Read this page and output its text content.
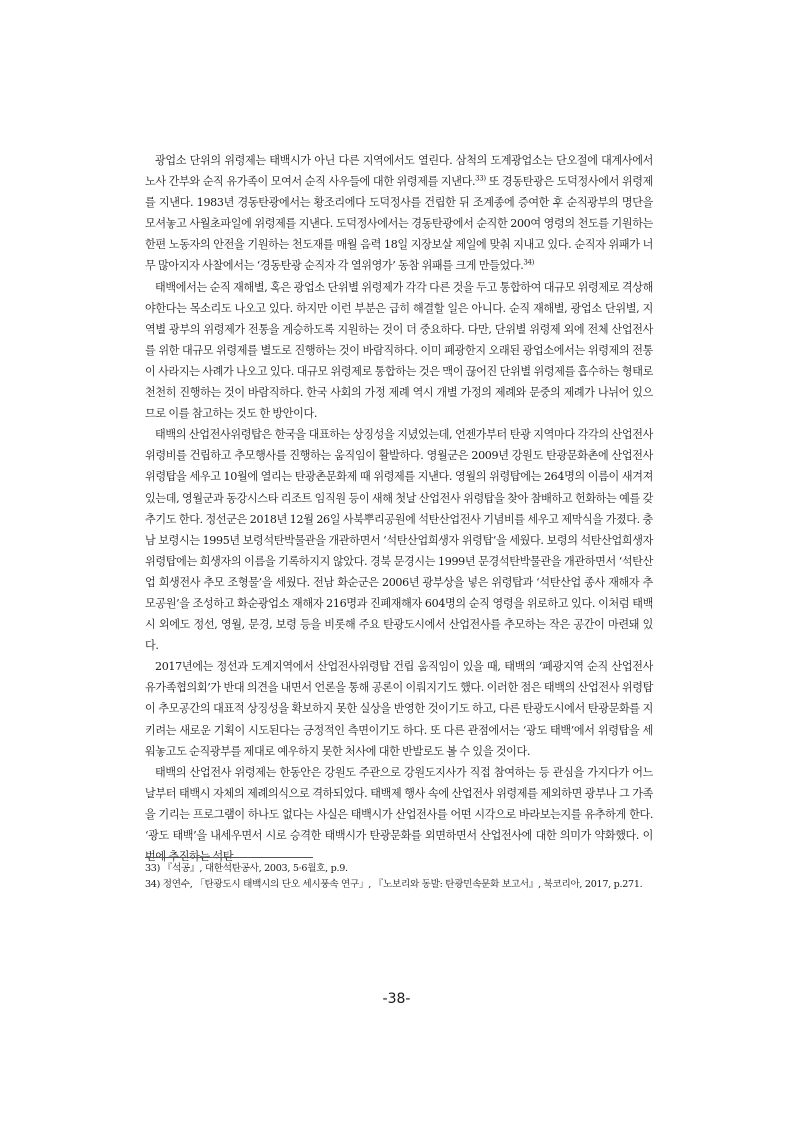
광업소 단위의 위령제는 태백시가 아닌 다른 지역에서도 열린다. 삼척의 도계광업소는 단오절에 대계사에서 노사 간부와 순직 유가족이 모여서 순직 사우들에 대한 위령제를 지낸다.$^{33)}$ 또 경동탄광은 도덕정사에서 위령제를 지낸다. 1983년 경동탄광에서는 황조리에다 도덕정사를 건립한 뒤 조계종에 증여한 후 순직광부의 명단을 모셔놓고 사월초파일에 위령제를 지낸다. 도덕정사에서는 경동탄광에서 순직한 200여 영령의 천도를 기원하는 한편 노동자의 안전을 기원하는 천도재를 매월 음력 18일 지장보살 제일에 맞춰 지내고 있다. 순직자 위패가 너무 많아지자 사찰에서는 ‘경동탄광 순직자 각 열위영가’ 동참 위패를 크게 만들었다.$^{34)}$

태백에서는 순직 재해별, 혹은 광업소 단위별 위령제가 각각 다른 것을 두고 통합하여 대규모 위령제로 격상해야한다는 목소리도 나오고 있다. 하지만 이런 부분은 급히 해결할 일은 아니다. 순직 재해별, 광업소 단위별, 지역별 광부의 위령제가 전통을 계승하도록 지원하는 것이 더 중요하다. 다만, 단위별 위령제 외에 전체 산업전사를 위한 대규모 위령제를 별도로 진행하는 것이 바람직하다. 이미 폐광한지 오래된 광업소에서는 위령제의 전통이 사라지는 사례가 나오고 있다. 대규모 위령제로 통합하는 것은 맥이 끊어진 단위별 위령제를 흡수하는 형태로 천천히 진행하는 것이 바람직하다. 한국 사회의 가정 제례 역시 개별 가정의 제례와 문중의 제례가 나뉘어 있으므로 이를 참고하는 것도 한 방안이다.

태백의 산업전사위령탑은 한국을 대표하는 상징성을 지녔었는데, 언젠가부터 탄광 지역마다 각각의 산업전사 위령비를 건립하고 추모행사를 진행하는 움직임이 활발하다. 영월군은 2009년 강원도 탄광문화촌에 산업전사 위령탑을 세우고 10월에 열리는 탄광촌문화제 때 위령제를 지낸다. 영월의 위령탑에는 264명의 이름이 새겨져 있는데, 영월군과 동강시스타 리조트 임직원 등이 새해 첫날 산업전사 위령탑을 찾아 참배하고 헌화하는 예를 갖추기도 한다. 정선군은 2018년 12월 26일 사북뿌리공원에 석탄산업전사 기념비를 세우고 제막식을 가졌다. 충남 보령시는 1995년 보령석탄박물관을 개관하면서 ‘석탄산업희생자 위령탑’을 세웠다. 보령의 석탄산업희생자 위령탑에는 희생자의 이름을 기록하지지 않았다. 경북 문경시는 1999년 문경석탄박물관을 개관하면서 ‘석탄산업 희생전사 추모 조형물’을 세웠다. 전남 화순군은 2006년 광부상을 넣은 위령탑과 ‘석탄산업 종사 재해자 추모공원’을 조성하고 화순광업소 재해자 216명과 진폐재해자 604명의 순직 영령을 위로하고 있다. 이처럼 태백시 외에도 정선, 영월, 문경, 보령 등을 비롯해 주요 탄광도시에서 산업전사를 추모하는 작은 공간이 마련돼 있다.

2017년에는 정선과 도계지역에서 산업전사위령탑 건립 움직임이 있을 때, 태백의 ‘폐광지역 순직 산업전사 유가족협의회’가 반대 의견을 내면서 언론을 통해 공론이 이뤄지기도 했다. 이러한 점은 태백의 산업전사 위령탑이 추모공간의 대표적 상징성을 확보하지 못한 실상을 반영한 것이기도 하고, 다른 탄광도시에서 탄광문화를 지키려는 새로운 기획이 시도된다는 긍정적인 측면이기도 하다. 또 다른 관점에서는 ‘광도 태백’에서 위령탑을 세워놓고도 순직광부를 제대로 예우하지 못한 처사에 대한 반발로도 볼 수 있을 것이다.

태백의 산업전사 위령제는 한동안은 강원도 주관으로 강원도지사가 직접 참여하는 등 관심을 가지다가 어느 날부터 태백시 자체의 제례의식으로 격하되었다. 태백제 행사 속에 산업전사 위령제를 제외하면 광부나 그 가족을 기리는 프로그램이 하나도 없다는 사실은 태백시가 산업전사를 어떤 시각으로 바라보는지를 유추하게 한다. ‘광도 태백’을 내세우면서 시로 승격한 태백시가 탄광문화를 외면하면서 산업전사에 대한 의미가 약화했다. 이번에 추진하는 석탄

33) 『석공』, 대한석탄공사, 2003, 5·6월호, p.9.

34) 정연수, 「탄광도시 태백시의 단오 세시풍속 연구」, 『노보리와 동발: 탄광민속문화 보고서』, 북코리아, 2017, p.271.

-38-
